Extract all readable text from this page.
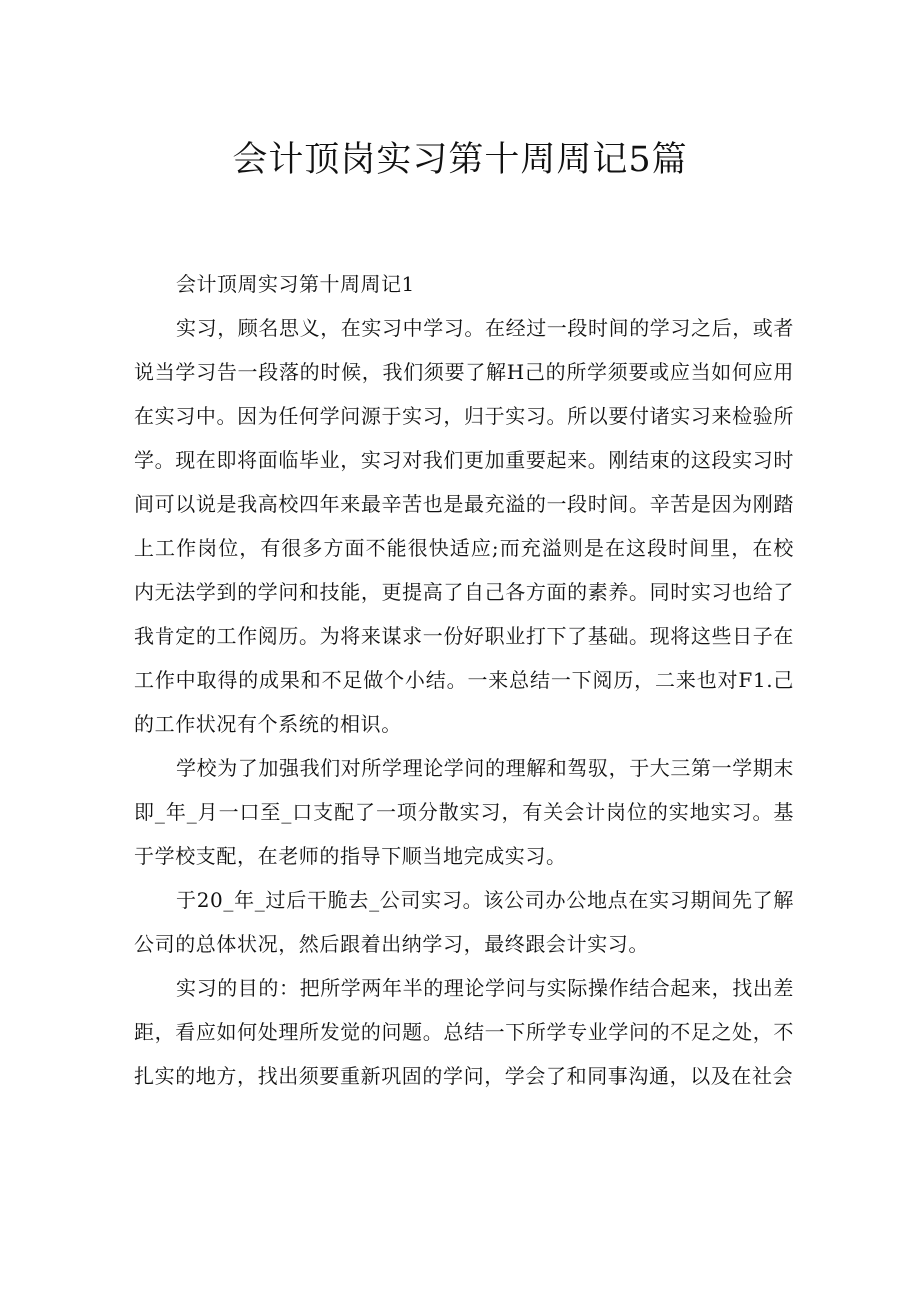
会计顶岗实习第十周周记5篇

会计顶周实习第十周周记1

实习，顾名思义，在实习中学习。在经过一段时间的学习之后，或者说当学习告一段落的时候，我们须要了解H己的所学须要或应当如何应用在实习中。因为任何学问源于实习，归于实习。所以要付诸实习来检验所学。现在即将面临毕业，实习对我们更加重要起来。刚结束的这段实习时间可以说是我高校四年来最辛苦也是最充溢的一段时间。辛苦是因为刚踏上工作岗位，有很多方面不能很快适应;而充溢则是在这段时间里，在校内无法学到的学问和技能，更提高了自己各方面的素养。同时实习也给了我肯定的工作阅历。为将来谋求一份好职业打下了基础。现将这些日子在工作中取得的成果和不足做个小结。一来总结一下阅历，二来也对F1.己的工作状况有个系统的相识。

学校为了加强我们对所学理论学问的理解和驾驭，于大三第一学期末即_年_月一口至_口支配了一项分散实习，有关会计岗位的实地实习。基于学校支配，在老师的指导下顺当地完成实习。

于20_年_过后干脆去_公司实习。该公司办公地点在实习期间先了解公司的总体状况，然后跟着出纳学习，最终跟会计实习。

实习的目的：把所学两年半的理论学问与实际操作结合起来，找出差距，看应如何处理所发觉的问题。总结一下所学专业学问的不足之处，不扎实的地方，找出须要重新巩固的学问，学会了和同事沟通，以及在社会
